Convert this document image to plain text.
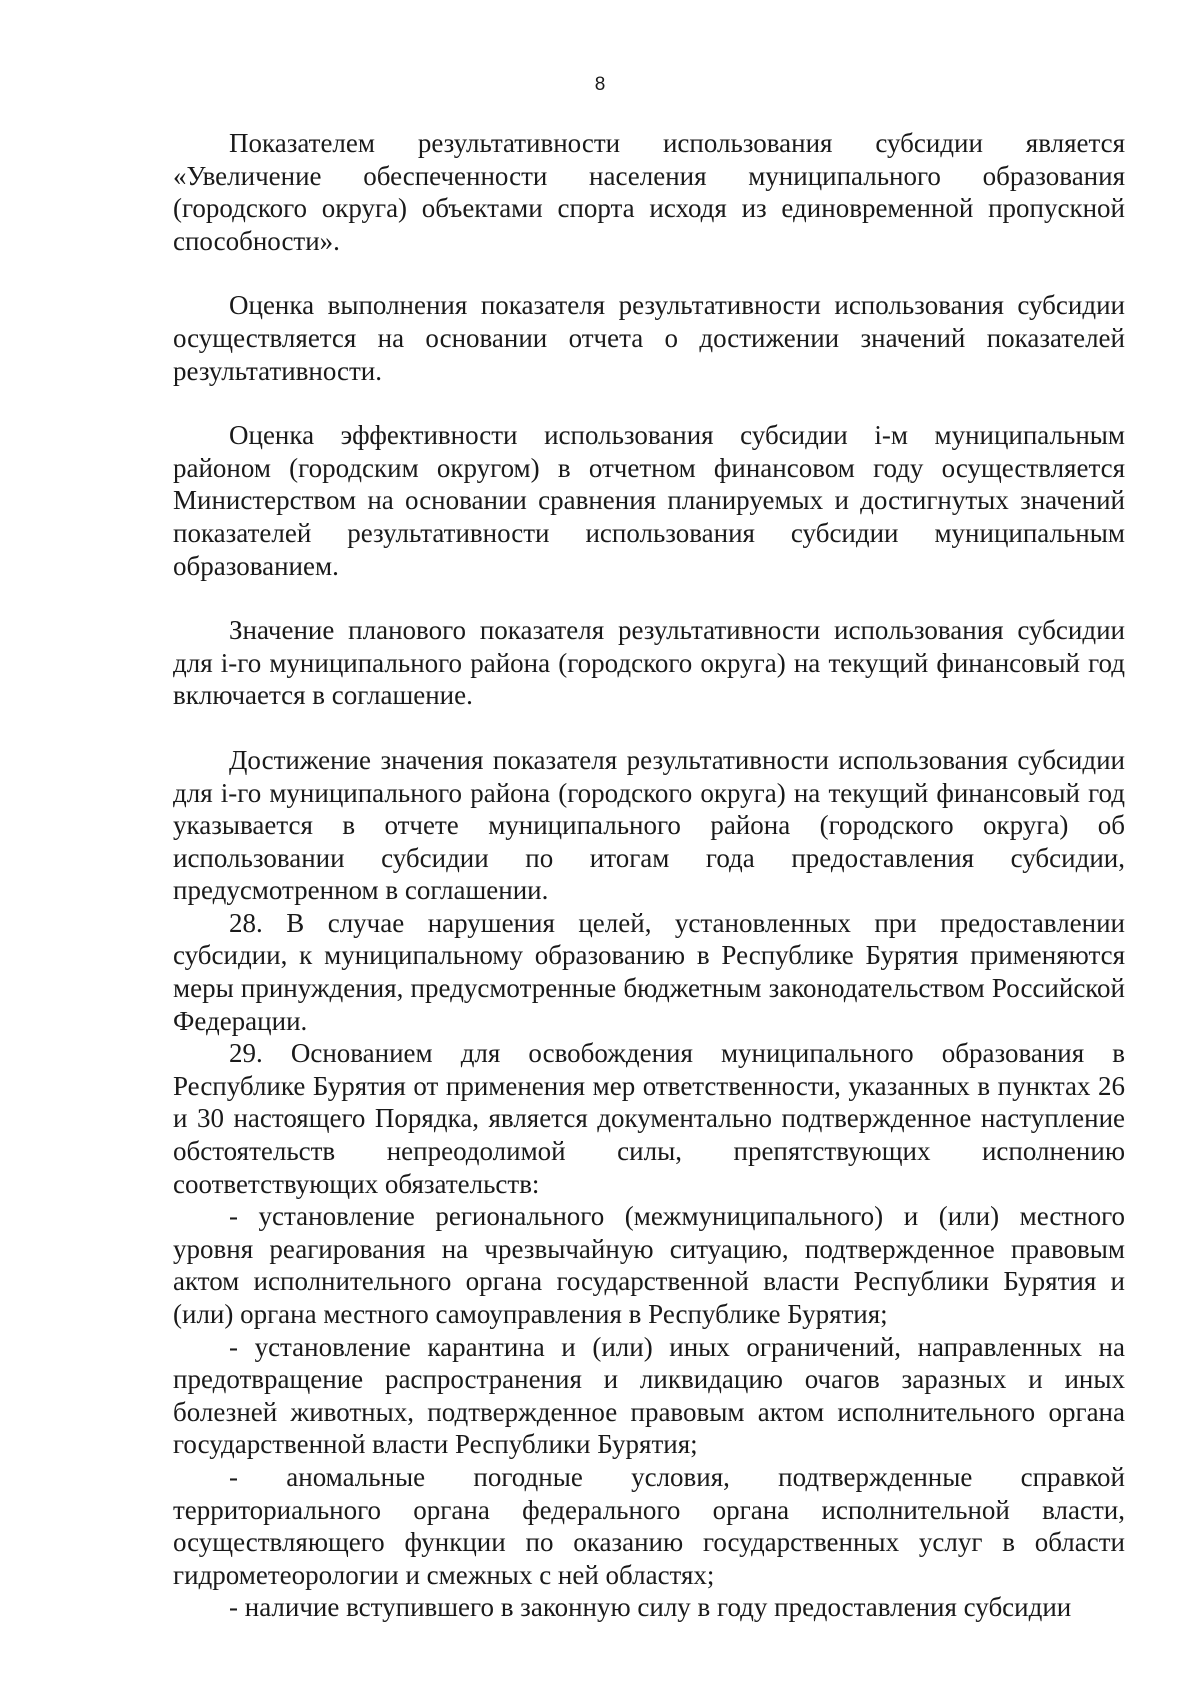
8

Показателем результативности использования субсидии является «Увеличение обеспеченности населения муниципального образования (городского округа) объектами спорта исходя из единовременной пропускной способности».

Оценка выполнения показателя результативности использования субсидии осуществляется на основании отчета о достижении значений показателей результативности.

Оценка эффективности использования субсидии i-м муниципальным районом (городским округом) в отчетном финансовом году осуществляется Министерством на основании сравнения планируемых и достигнутых значений показателей результативности использования субсидии муниципальным образованием.

Значение планового показателя результативности использования субсидии для i-го муниципального района (городского округа) на текущий финансовый год включается в соглашение.

Достижение значения показателя результативности использования субсидии для i-го муниципального района (городского округа) на текущий финансовый год указывается в отчете муниципального района (городского округа) об использовании субсидии по итогам года предоставления субсидии, предусмотренном в соглашении.

28. В случае нарушения целей, установленных при предоставлении субсидии, к муниципальному образованию в Республике Бурятия применяются меры принуждения, предусмотренные бюджетным законодательством Российской Федерации.

29. Основанием для освобождения муниципального образования в Республике Бурятия от применения мер ответственности, указанных в пунктах 26 и 30 настоящего Порядка, является документально подтвержденное наступление обстоятельств непреодолимой силы, препятствующих исполнению соответствующих обязательств:

- установление регионального (межмуниципального) и (или) местного уровня реагирования на чрезвычайную ситуацию, подтвержденное правовым актом исполнительного органа государственной власти Республики Бурятия и (или) органа местного самоуправления в Республике Бурятия;

- установление карантина и (или) иных ограничений, направленных на предотвращение распространения и ликвидацию очагов заразных и иных болезней животных, подтвержденное правовым актом исполнительного органа государственной власти Республики Бурятия;

- аномальные погодные условия, подтвержденные справкой территориального органа федерального органа исполнительной власти, осуществляющего функции по оказанию государственных услуг в области гидрометеорологии и смежных с ней областях;

- наличие вступившего в законную силу в году предоставления субсидии
